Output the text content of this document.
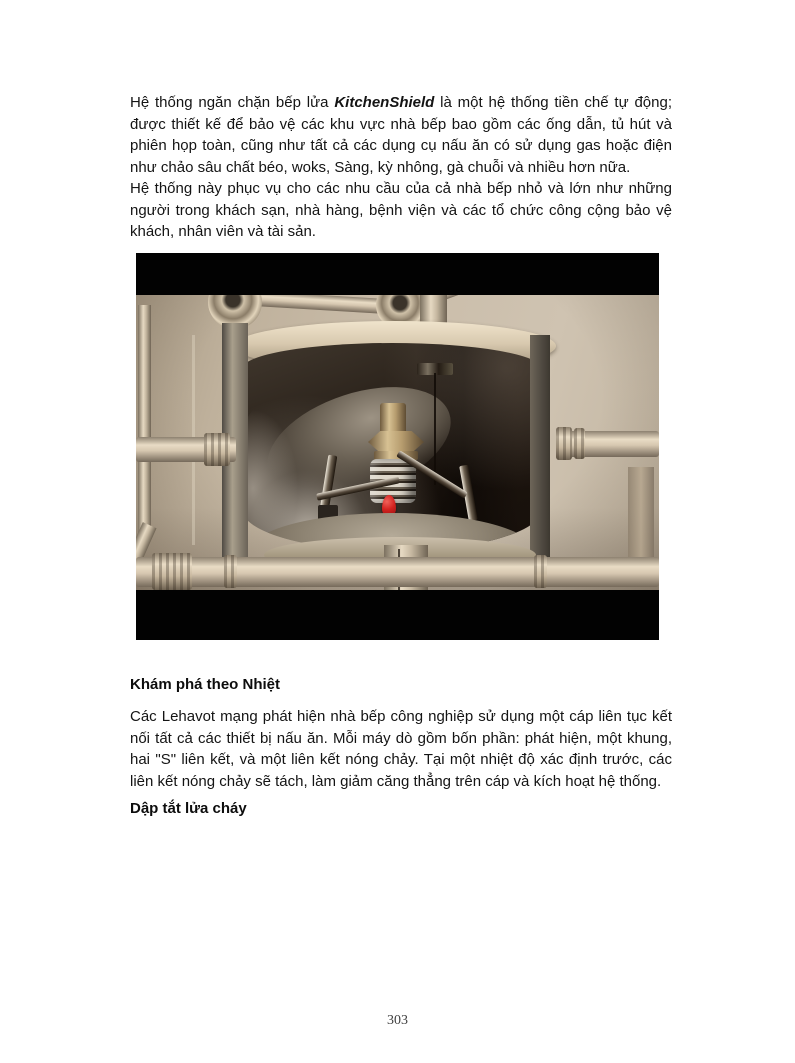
Hệ thống ngăn chặn bếp lửa KitchenShield là một hệ thống tiền chế tự động; được thiết kế để bảo vệ các khu vực nhà bếp bao gồm các ống dẫn, tủ hút và phiên họp toàn, cũng như tất cả các dụng cụ nấu ăn có sử dụng gas hoặc điện như chảo sâu chất béo, woks, Sàng, kỳ nhông, gà chuỗi và nhiều hơn nữa.
Hệ thống này phục vụ cho các nhu cầu của cả nhà bếp nhỏ và lớn như những người trong khách sạn, nhà hàng, bệnh viện và các tổ chức công cộng bảo vệ khách, nhân viên và tài sản.
Khám phá theo Nhiệt
Các Lehavot mạng phát hiện nhà bếp công nghiệp sử dụng một cáp liên tục kết nối tất cả các thiết bị nấu ăn. Mỗi máy dò gồm bốn phần: phát hiện, một khung, hai "S" liên kết, và một liên kết nóng chảy. Tại một nhiệt độ xác định trước, các liên kết nóng chảy sẽ tách, làm giảm căng thẳng trên cáp và kích hoạt hệ thống.
Dập tắt lửa cháy
303
